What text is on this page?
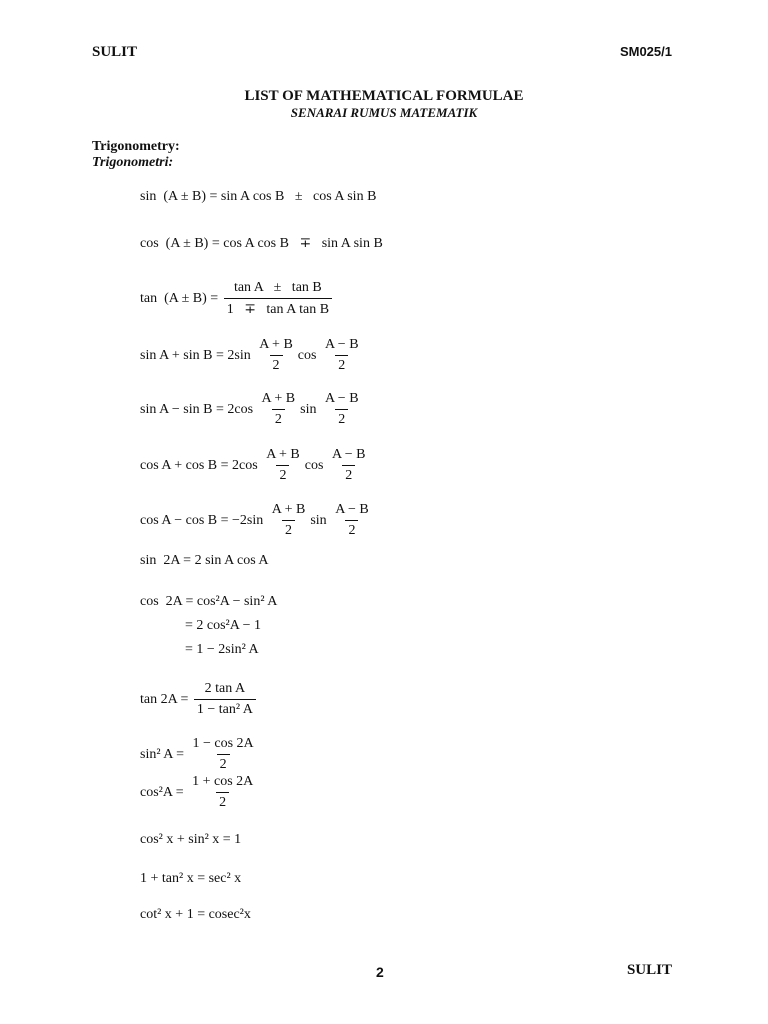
SULIT	SM025/1
LIST OF MATHEMATICAL FORMULAE
SENARAI RUMUS MATEMATIK
Trigonometry:
Trigonometri:
sin  (A ± B) = sin A cos B   ±   cos A sin B
cos  (A ± B) = cos A cos B   ∓   sin A sin B
$\tan (A \pm B) = \frac{\text{tan A   ±   tan B}}{\text{1   ∓   tan A tan B}}$
$\sin A + \sin B = 2\sin \frac{A + B}{2}$ $\cos \frac{A - B}{2}$
$\sin A - \sin B = 2\cos \frac{A + B}{2}$ $\sin \frac{A - B}{2}$
$\cos A + \cos B = 2\cos \frac{A + B}{2}$ $\cos \frac{A - B}{2}$
$\cos A - \cos B = -2\sin \frac{A + B}{2}$ $\sin \frac{A - B}{2}$
sin  2A = 2 sin A cos A
cos  2A = cos²A − sin² A
= 2 cos²A − 1
= 1 − 2sin² A
$\tan 2A = \frac{\text{2 tan A}}{\text{1 − tan² A}}$
sin² $A = \frac{1 - \cos 2A}{2}$
$\cos^2A = \frac{1 + \cos 2A}{2}$
cos² x + sin² x = 1
1 + tan² x = sec² x
cot² x + 1 = cosec²x
2	SULIT
